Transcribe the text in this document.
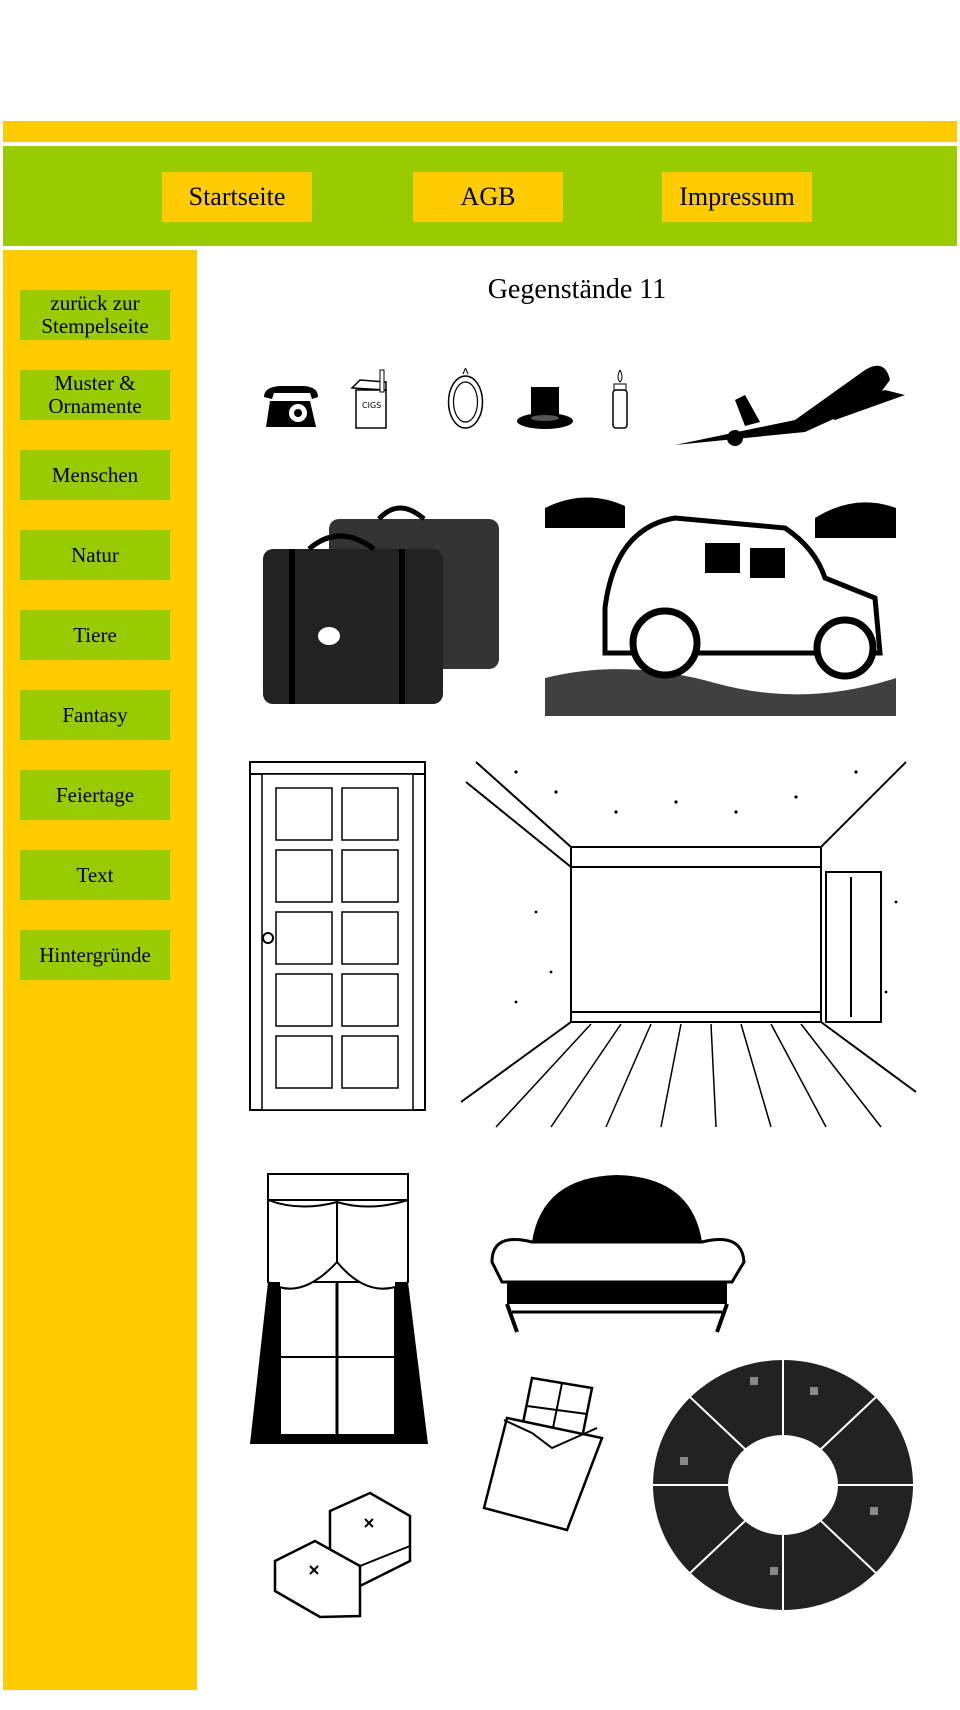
Startseite	AGB	Impressum
zurück zur Stempelseite
Muster & Ornamente
Menschen
Natur
Tiere
Fantasy
Feiertage
Text
Hintergründe
Gegenstände 11
CIGS
